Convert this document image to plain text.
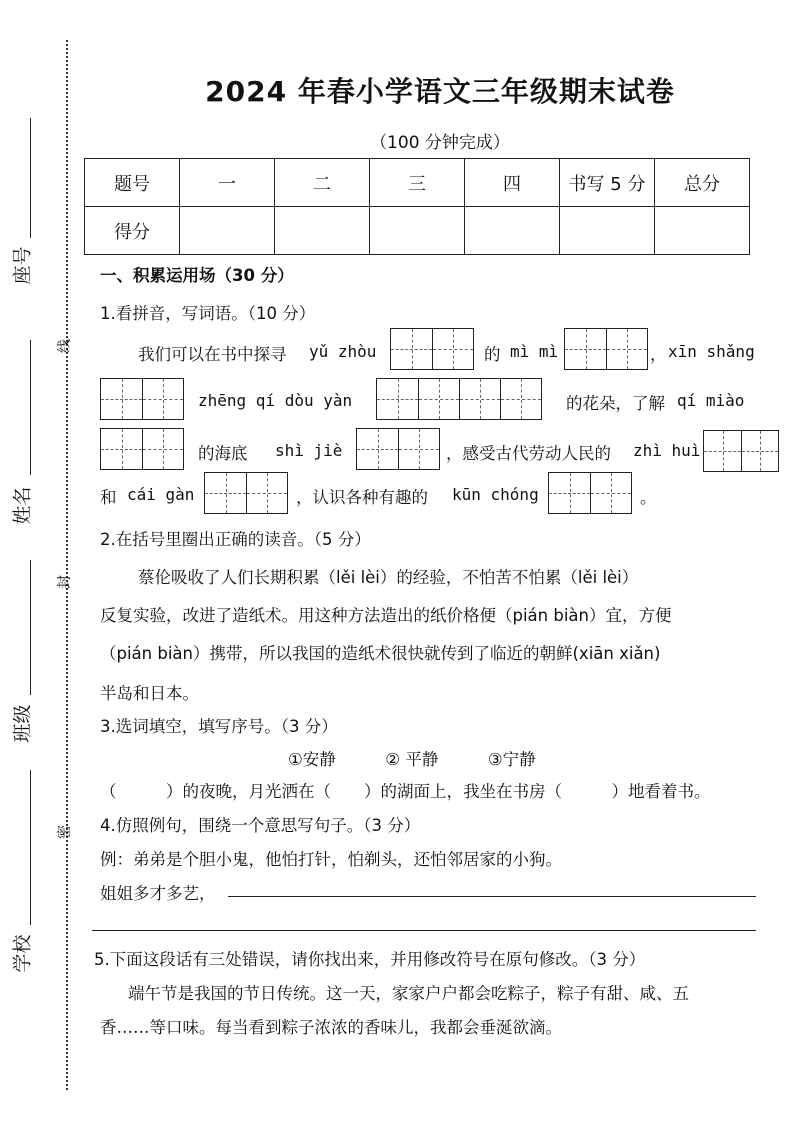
座号
姓名
班级
学校
线
封
密
2024 年春小学语文三年级期末试卷
（100 分钟完成）
题号	一	二	三	四	书写 5 分	总分
得分						
一、积累运用场（30 分）
1.看拼音，写词语。（10 分）
我们可以在书中探寻 yǔ zhòu	的 mì mì	， xīn shǎng
zhēng qí dòu yàn	的花朵，了解 qí miào
的海底 shì jiè	，感受古代劳动人民的 zhì huì
和 cái gàn	，认识各种有趣的 kūn chóng	。
2.在括号里圈出正确的读音。（5 分）
蔡伦吸收了人们长期积累（lěi lèi）的经验，不怕苦不怕累（lěi lèi）
反复实验，改进了造纸术。用这种方法造出的纸价格便（pián biàn）宜，方便
（pián biàn）携带，所以我国的造纸术很快就传到了临近的朝鲜(xiān xiǎn)
半岛和日本。
3.选词填空，填写序号。（3 分）
①安静　　　② 平静　　　③宁静
（　　　）的夜晚，月光洒在（　　）的湖面上，我坐在书房（　　　）地看着书。
4.仿照例句，围绕一个意思写句子。（3 分）
例：弟弟是个胆小鬼，他怕打针，怕剃头，还怕邻居家的小狗。
姐姐多才多艺，
5.下面这段话有三处错误，请你找出来，并用修改符号在原句修改。（3 分）
端午节是我国的节日传统。这一天，家家户户都会吃粽子，粽子有甜、咸、五
香……等口味。每当看到粽子浓浓的香味儿，我都会垂涎欲滴。
